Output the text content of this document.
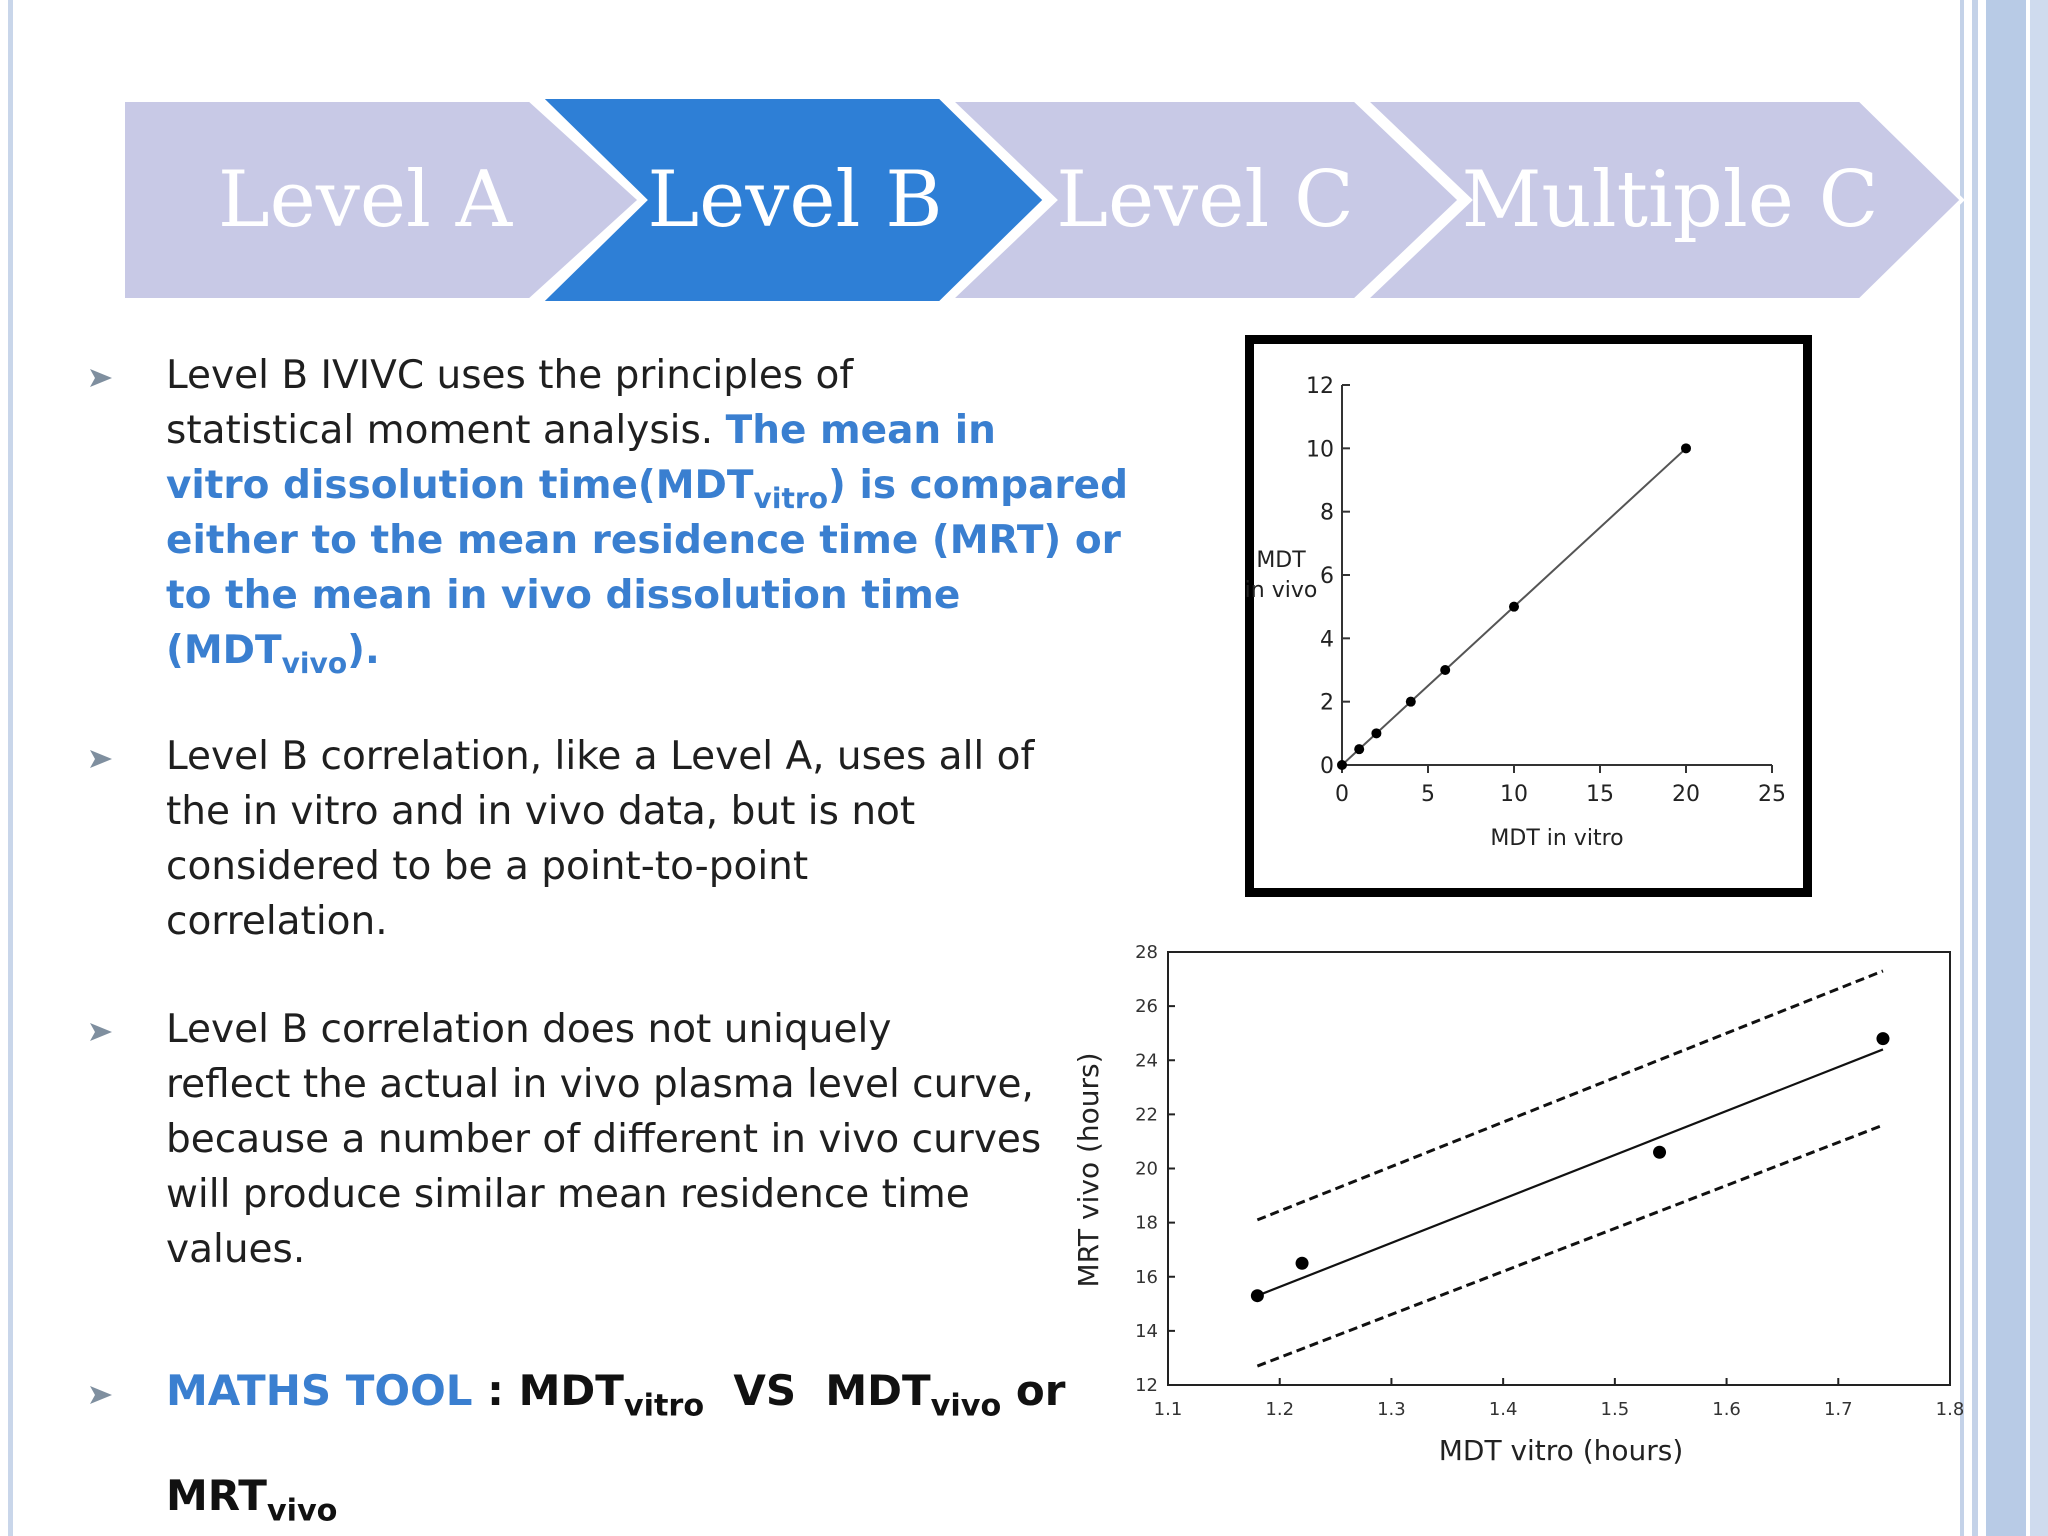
Level A	Level B	Level C	Multiple C
Level B IVIVC uses the principles of
statistical moment analysis. The mean in
vitro dissolution $time(MDT_{vitro})$ is compared
either to the mean residence time (MRT) or
to the mean in vivo dissolution time
$(MDT_{vivo})$.
Level B correlation, like a Level A, uses all of
the in vitro and in vivo data, but is not
considered to be a point-to-point
correlation.
Level B correlation does not uniquely
reflect the actual in vivo plasma level curve,
because a number of different in vivo curves
will produce similar mean residence time
values.
MATHS TOOL : $MDT_{vitro}$  VS  $MDT_{vivo}$ or
$MRT_{vivo}$
0	5	10	15	20	25
0
2
4
6
8
10
12
MDT in vitro
MDT
in vivo
1.1	1.2	1.3	1.4	1.5	1.6	1.7	1.8
12
14
16
18
20
22
24
26
28
MDT vitro (hours)
MRT vivo (hours)
